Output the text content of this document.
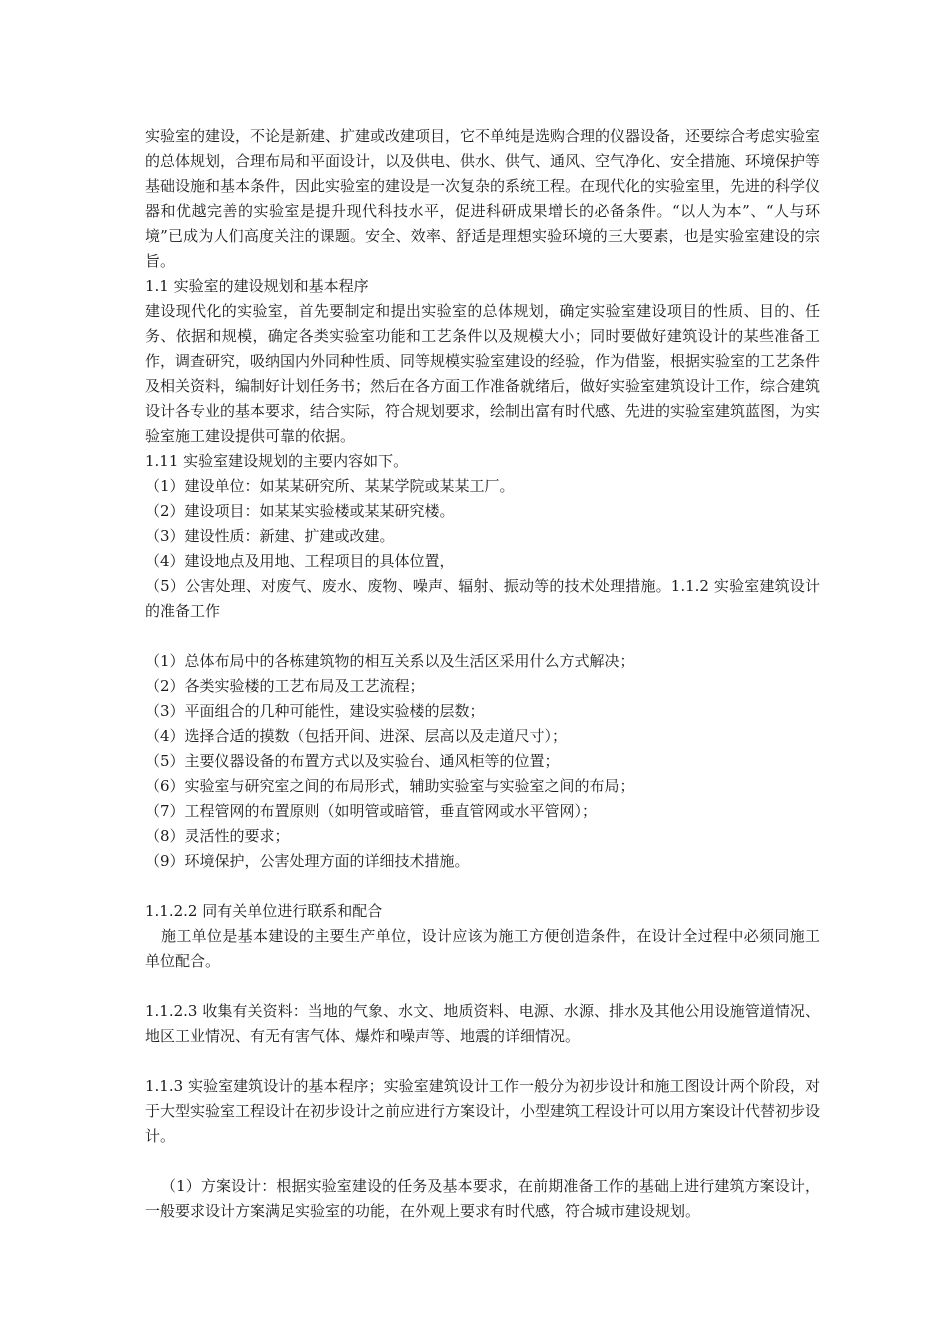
实验室的建设，不论是新建、扩建或改建项目，它不单纯是选购合理的仪器设备，还要综合考虑实验室的总体规划，合理布局和平面设计，以及供电、供水、供气、通风、空气净化、安全措施、环境保护等基础设施和基本条件，因此实验室的建设是一次复杂的系统工程。在现代化的实验室里，先进的科学仪器和优越完善的实验室是提升现代科技水平，促进科研成果增长的必备条件。“以人为本”、“人与环境”已成为人们高度关注的课题。安全、效率、舒适是理想实验环境的三大要素，也是实验室建设的宗旨。

1.1 实验室的建设规划和基本程序

建设现代化的实验室，首先要制定和提出实验室的总体规划，确定实验室建设项目的性质、目的、任务、依据和规模，确定各类实验室功能和工艺条件以及规模大小；同时要做好建筑设计的某些准备工作，调查研究，吸纳国内外同种性质、同等规模实验室建设的经验，作为借鉴，根据实验室的工艺条件及相关资料，编制好计划任务书；然后在各方面工作准备就绪后，做好实验室建筑设计工作，综合建筑设计各专业的基本要求，结合实际，符合规划要求，绘制出富有时代感、先进的实验室建筑蓝图，为实验室施工建设提供可靠的依据。

1.11 实验室建设规划的主要内容如下。

（1）建设单位：如某某研究所、某某学院或某某工厂。

（2）建设项目：如某某实验楼或某某研究楼。

（3）建设性质：新建、扩建或改建。

（4）建设地点及用地、工程项目的具体位置，

（5）公害处理、对废气、废水、废物、噪声、辐射、振动等的技术处理措施。1.1.2 实验室建筑设计的准备工作

（1）总体布局中的各栋建筑物的相互关系以及生活区采用什么方式解决；

（2）各类实验楼的工艺布局及工艺流程；

（3）平面组合的几种可能性，建设实验楼的层数；

（4）选择合适的摸数（包括开间、进深、层高以及走道尺寸）；

（5）主要仪器设备的布置方式以及实验台、通风柜等的位置；

（6）实验室与研究室之间的布局形式，辅助实验室与实验室之间的布局；

（7）工程管网的布置原则（如明管或暗管，垂直管网或水平管网）；

（8）灵活性的要求；

（9）环境保护，公害处理方面的详细技术措施。

1.1.2.2 同有关单位进行联系和配合

施工单位是基本建设的主要生产单位，设计应该为施工方便创造条件，在设计全过程中必须同施工单位配合。

1.1.2.3 收集有关资料：当地的气象、水文、地质资料、电源、水源、排水及其他公用设施管道情况、地区工业情况、有无有害气体、爆炸和噪声等、地震的详细情况。

1.1.3 实验室建筑设计的基本程序；实验室建筑设计工作一般分为初步设计和施工图设计两个阶段，对于大型实验室工程设计在初步设计之前应进行方案设计，小型建筑工程设计可以用方案设计代替初步设计。

（1）方案设计：根据实验室建设的任务及基本要求，在前期准备工作的基础上进行建筑方案设计，一般要求设计方案满足实验室的功能，在外观上要求有时代感，符合城市建设规划。
